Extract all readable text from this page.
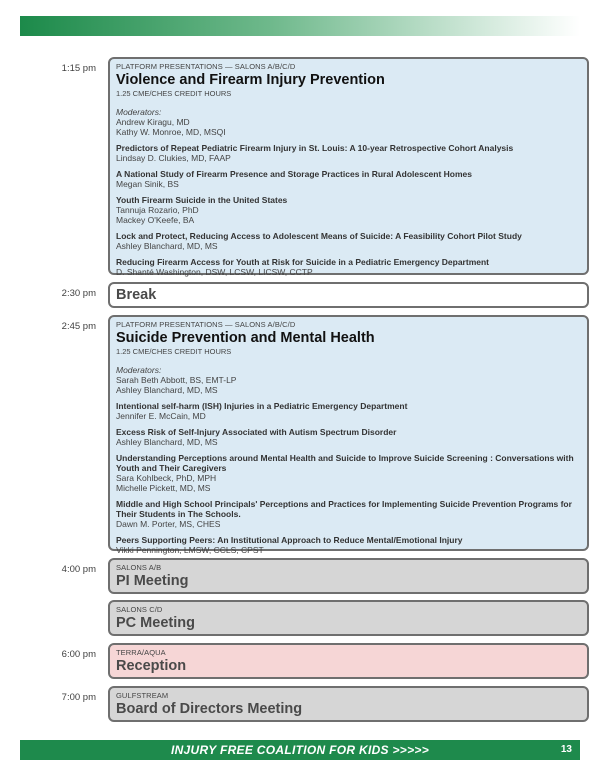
1:15 pm	PLATFORM PRESENTATIONS — SALONS A/B/C/D
Violence and Firearm Injury Prevention
1.25 CME/CHES CREDIT HOURS
Moderators:
Andrew Kiragu, MD
Kathy W. Monroe, MD, MSQI
Predictors of Repeat Pediatric Firearm Injury in St. Louis: A 10-year Retrospective Cohort Analysis
Lindsay D. Clukies, MD, FAAP
A National Study of Firearm Presence and Storage Practices in Rural Adolescent Homes
Megan Sinik, BS
Youth Firearm Suicide in the United States
Tannuja Rozario, PhD
Mackey O'Keefe, BA
Lock and Protect, Reducing Access to Adolescent Means of Suicide: A Feasibility Cohort Pilot Study
Ashley Blanchard, MD, MS
Reducing Firearm Access for Youth at Risk for Suicide in a Pediatric Emergency Department
D. Shanté Washington, DSW, LCSW, LICSW, CCTP
2:30 pm Break
2:45 pm	PLATFORM PRESENTATIONS — SALONS A/B/C/D
Suicide Prevention and Mental Health
1.25 CME/CHES CREDIT HOURS
Moderators:
Sarah Beth Abbott, BS, EMT-LP
Ashley Blanchard, MD, MS
Intentional self-harm (ISH) Injuries in a Pediatric Emergency Department
Jennifer E. McCain, MD
Excess Risk of Self-Injury Associated with Autism Spectrum Disorder
Ashley Blanchard, MD, MS
Understanding Perceptions around Mental Health and Suicide to Improve Suicide Screening : Conversations with Youth and Their Caregivers
Sara Kohlbeck, PhD, MPH
Michelle Pickett, MD, MS
Middle and High School Principals' Perceptions and Practices for Implementing Suicide Prevention Programs for Their Students in The Schools.
Dawn M. Porter, MS, CHES
Peers Supporting Peers: An Institutional Approach to Reduce Mental/Emotional Injury
Vikki Pennington, LMSW, CCLS, CPST
4:00 pm	SALONS A/B
PI Meeting
SALONS C/D
PC Meeting
6:00 pm	TERRA/AQUA
Reception
7:00 pm	GULFSTREAM
Board of Directors Meeting
INJURY FREE COALITION FOR KIDS >>>>>	13
